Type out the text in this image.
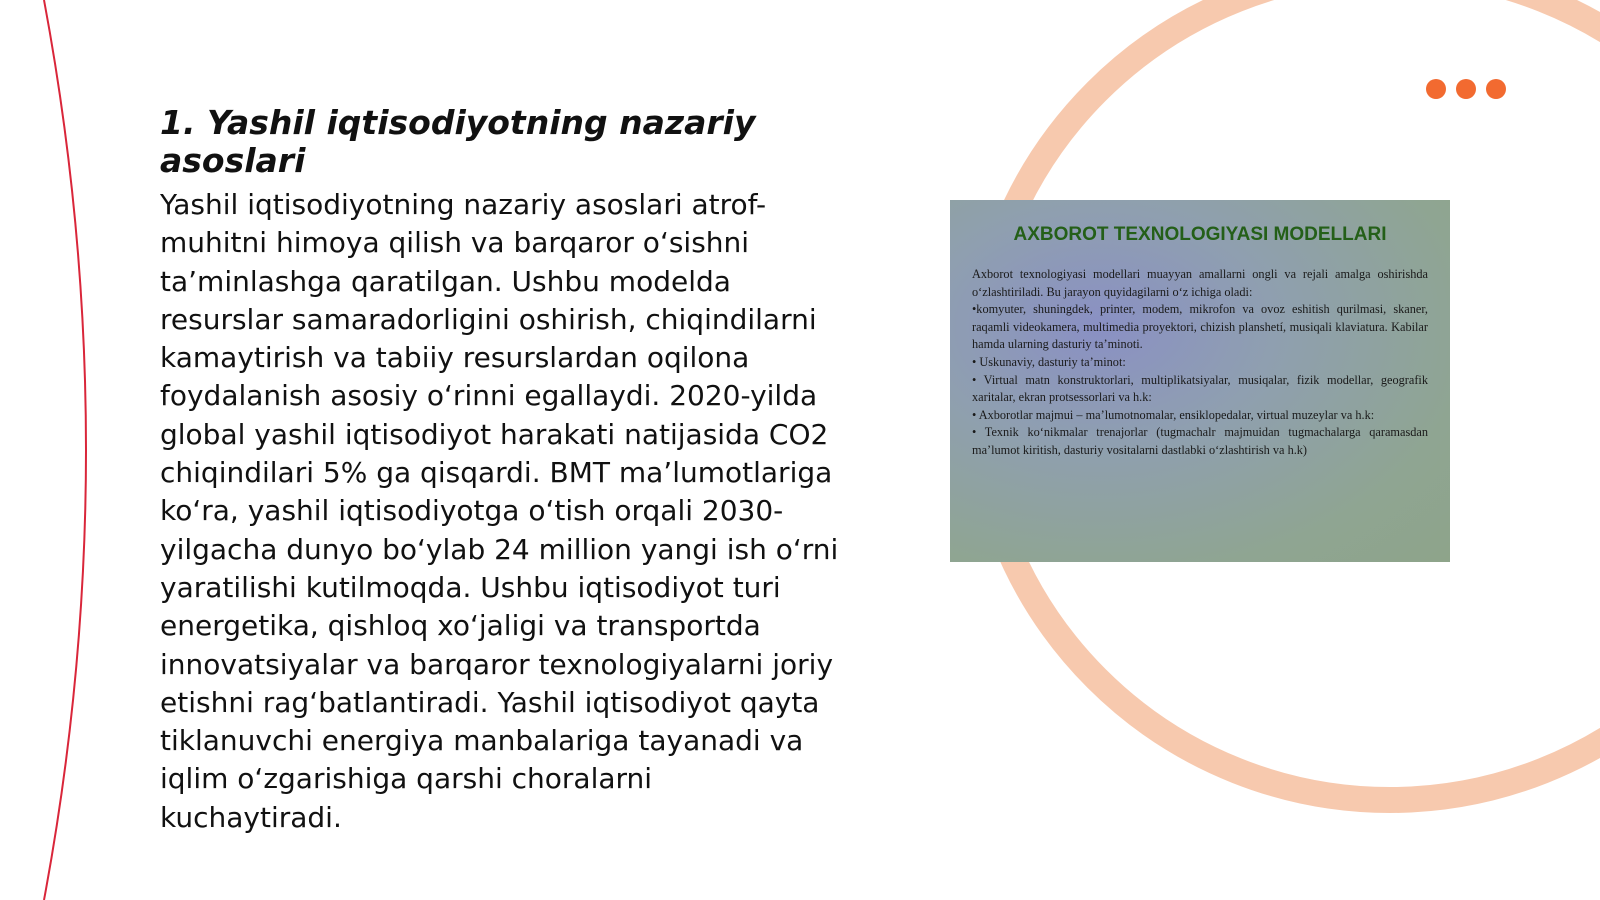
1. Yashil iqtisodiyotning nazariy asoslari

Yashil iqtisodiyotning nazariy asoslari atrof-muhitni himoya qilish va barqaror o‘sishni ta’minlashga qaratilgan. Ushbu modelda resurslar samaradorligini oshirish, chiqindilarni kamaytirish va tabiiy resurslardan oqilona foydalanish asosiy o‘rinni egallaydi. 2020-yilda global yashil iqtisodiyot harakati natijasida CO2 chiqindilari 5% ga qisqardi. BMT ma’lumotlariga ko‘ra, yashil iqtisodiyotga o‘tish orqali 2030-yilgacha dunyo bo‘ylab 24 million yangi ish o‘rni yaratilishi kutilmoqda. Ushbu iqtisodiyot turi energetika, qishloq xo‘jaligi va transportda innovatsiyalar va barqaror texnologiyalarni joriy etishni rag‘batlantiradi. Yashil iqtisodiyot qayta tiklanuvchi energiya manbalariga tayanadi va iqlim o‘zgarishiga qarshi choralarni kuchaytiradi.

AXBOROT TEXNOLOGIYASI MODELLARI

Axborot texnologiyasi modellari muayyan amallarni ongli va rejali amalga oshirishda o‘zlashtiriladi. Bu jarayon quyidagilarni o‘z ichiga oladi:

•komyuter, shuningdek, printer, modem, mikrofon va ovoz eshitish qurilmasi, skaner, raqamli videokamera, multimedia proyektori, chizish planshetí, musiqali klaviatura. Kabilar hamda ularning dasturiy ta’minoti.

• Uskunaviy, dasturiy ta’minot:

• Virtual matn konstruktorlari, multiplikatsiyalar, musiqalar, fizik modellar, geografik xaritalar, ekran protsessorlari va h.k:

• Axborotlar majmui – ma’lumotnomalar, ensiklopedalar, virtual muzeylar va h.k:

• Texnik ko‘nikmalar trenajorlar (tugmachalr majmuidan tugmachalarga qaramasdan ma’lumot kiritish, dasturiy vositalarni dastlabki o‘zlashtirish va h.k)
